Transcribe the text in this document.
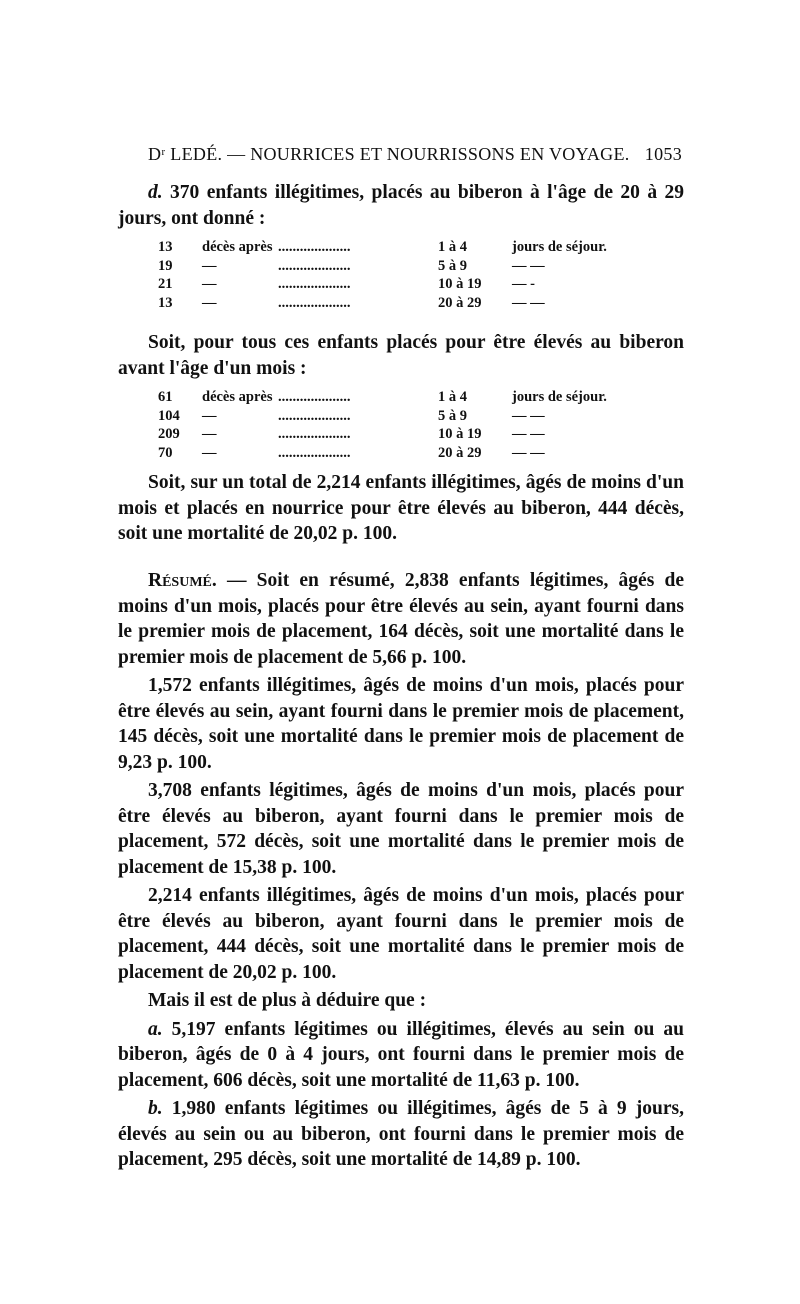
Dʳ LEDÉ. — NOURRICES ET NOURRISSONS EN VOYAGE. 1053
d. 370 enfants illégitimes, placés au biberon à l'âge de 20 à 29 jours, ont donné :
13 décès après ....................	1 à 4	jours de séjour.
19 —	....................	5 à 9	— —
21 —	....................	10 à 19 — -
13 —	....................	20 à 29 — —
Soit, pour tous ces enfants placés pour être élevés au biberon avant l'âge d'un mois :
61 décès après ....................	1 à 4	jours de séjour.
104 —	....................	5 à 9	— —
209 —	....................	10 à 19 — —
70 —	....................	20 à 29 — —
Soit, sur un total de 2,214 enfants illégitimes, âgés de moins d'un mois et placés en nourrice pour être élevés au biberon, 444 décès, soit une mortalité de 20,02 p. 100.

Résumé. — Soit en résumé, 2,838 enfants légitimes, âgés de moins d'un mois, placés pour être élevés au sein, ayant fourni dans le premier mois de placement, 164 décès, soit une mortalité dans le premier mois de placement de 5,66 p. 100.

1,572 enfants illégitimes, âgés de moins d'un mois, placés pour être élevés au sein, ayant fourni dans le premier mois de placement, 145 décès, soit une mortalité dans le premier mois de placement de 9,23 p. 100.

3,708 enfants légitimes, âgés de moins d'un mois, placés pour être élevés au biberon, ayant fourni dans le premier mois de placement, 572 décès, soit une mortalité dans le premier mois de placement de 15,38 p. 100.

2,214 enfants illégitimes, âgés de moins d'un mois, placés pour être élevés au biberon, ayant fourni dans le premier mois de placement, 444 décès, soit une mortalité dans le premier mois de placement de 20,02 p. 100.

Mais il est de plus à déduire que :

a. 5,197 enfants légitimes ou illégitimes, élevés au sein ou au biberon, âgés de 0 à 4 jours, ont fourni dans le premier mois de placement, 606 décès, soit une mortalité de 11,63 p. 100.

b. 1,980 enfants légitimes ou illégitimes, âgés de 5 à 9 jours, élevés au sein ou au biberon, ont fourni dans le premier mois de placement, 295 décès, soit une mortalité de 14,89 p. 100.
